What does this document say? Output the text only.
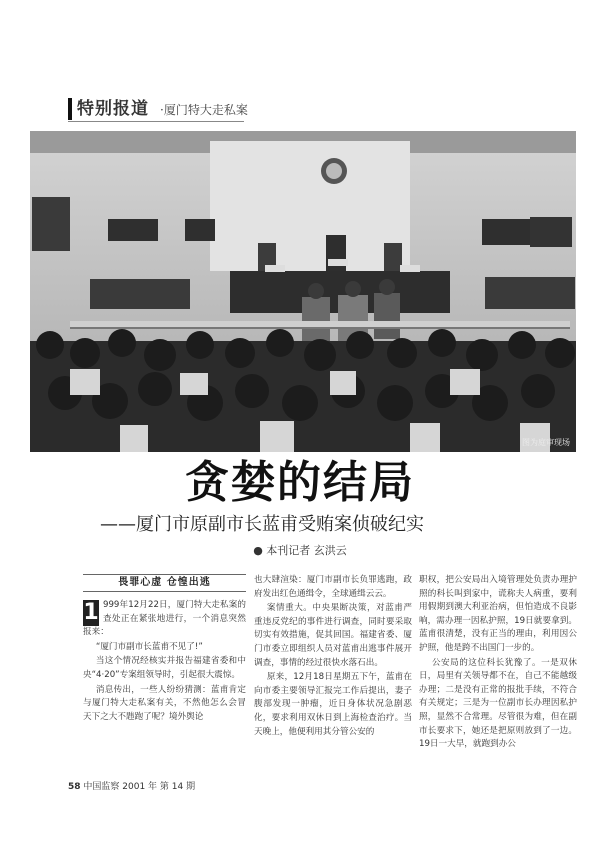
特别报道 ·厦门特大走私案
图为庭审现场
贪婪的结局
——厦门市原副市长蓝甫受贿案侦破纪实
● 本刊记者 玄洪云
畏罪心虚 仓惶出逃

1 999年12月22日，厦门特大走私案的查处正在紧张地进行，一个消息突然报来：

“厦门市副市长蓝甫不见了!”

当这个情况经核实并报告福建省委和中央“4·20”专案组领导时，引起很大震惊。

消息传出，一些人纷纷猜测：蓝甫肯定与厦门特大走私案有关，不然他怎么会冒天下之大不韪跑了呢？境外舆论

也大肆渲染：厦门市副市长负罪逃跑，政府发出红色通缉令，全球通缉云云。

案情重大。中央果断决策，对蓝甫严重违反党纪的事件进行调查，同时要采取切实有效措施，促其回国。福建省委、厦门市委立即组织人员对蓝甫出逃事件展开调查，事情的经过很快水落石出。

原来，12月18日星期五下午，蓝甫在向市委主要领导汇报完工作后提出，妻子腹部发现一肿瘤，近日身体状况急剧恶化，要求利用双休日到上海检查治疗。当天晚上，他便利用其分管公安的

职权，把公安局出入境管理处负责办理护照的科长叫到家中，谎称夫人病重，要利用假期到澳大利亚治病，但怕造成不良影响，需办理一因私护照，19日就要拿到。蓝甫很清楚，没有正当的理由，利用因公护照，他是跨不出国门一步的。

公安局的这位科长犹豫了。一是双休日，局里有关领导都不在，自己不能越级办理；二是没有正常的报批手续，不符合有关规定；三是为一位副市长办理因私护照，显然不合常理。尽管很为难，但在副市长要求下，她还是把原则放到了一边。19日一大早，就跑到办公

58 中国监察 2001 年 第 14 期
